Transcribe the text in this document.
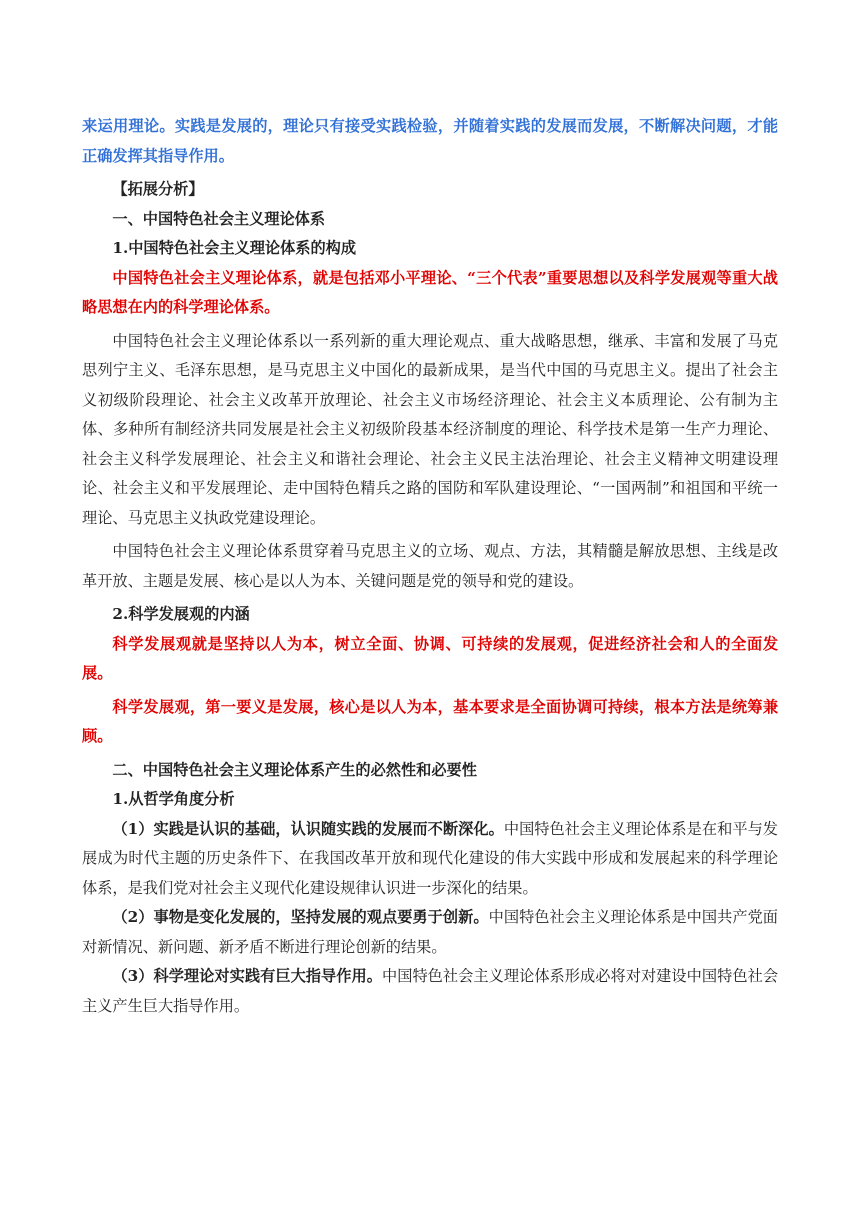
来运用理论。实践是发展的，理论只有接受实践检验，并随着实践的发展而发展，不断解决问题，才能正确发挥其指导作用。

【拓展分析】

一、中国特色社会主义理论体系

1.中国特色社会主义理论体系的构成

中国特色社会主义理论体系，就是包括邓小平理论、“三个代表”重要思想以及科学发展观等重大战略思想在内的科学理论体系。

中国特色社会主义理论体系以一系列新的重大理论观点、重大战略思想，继承、丰富和发展了马克思列宁主义、毛泽东思想，是马克思主义中国化的最新成果，是当代中国的马克思主义。提出了社会主义初级阶段理论、社会主义改革开放理论、社会主义市场经济理论、社会主义本质理论、公有制为主体、多种所有制经济共同发展是社会主义初级阶段基本经济制度的理论、科学技术是第一生产力理论、社会主义科学发展理论、社会主义和谐社会理论、社会主义民主法治理论、社会主义精神文明建设理论、社会主义和平发展理论、走中国特色精兵之路的国防和军队建设理论、“一国两制”和祖国和平统一理论、马克思主义执政党建设理论。

中国特色社会主义理论体系贯穿着马克思主义的立场、观点、方法，其精髓是解放思想、主线是改革开放、主题是发展、核心是以人为本、关键问题是党的领导和党的建设。

2.科学发展观的内涵

科学发展观就是坚持以人为本，树立全面、协调、可持续的发展观，促进经济社会和人的全面发展。

科学发展观，第一要义是发展，核心是以人为本，基本要求是全面协调可持续，根本方法是统筹兼顾。

二、中国特色社会主义理论体系产生的必然性和必要性

1.从哲学角度分析

（1）实践是认识的基础，认识随实践的发展而不断深化。中国特色社会主义理论体系是在和平与发展成为时代主题的历史条件下、在我国改革开放和现代化建设的伟大实践中形成和发展起来的科学理论体系，是我们党对社会主义现代化建设规律认识进一步深化的结果。

（2）事物是变化发展的，坚持发展的观点要勇于创新。中国特色社会主义理论体系是中国共产党面对新情况、新问题、新矛盾不断进行理论创新的结果。

（3）科学理论对实践有巨大指导作用。中国特色社会主义理论体系形成必将对对建设中国特色社会主义产生巨大指导作用。
